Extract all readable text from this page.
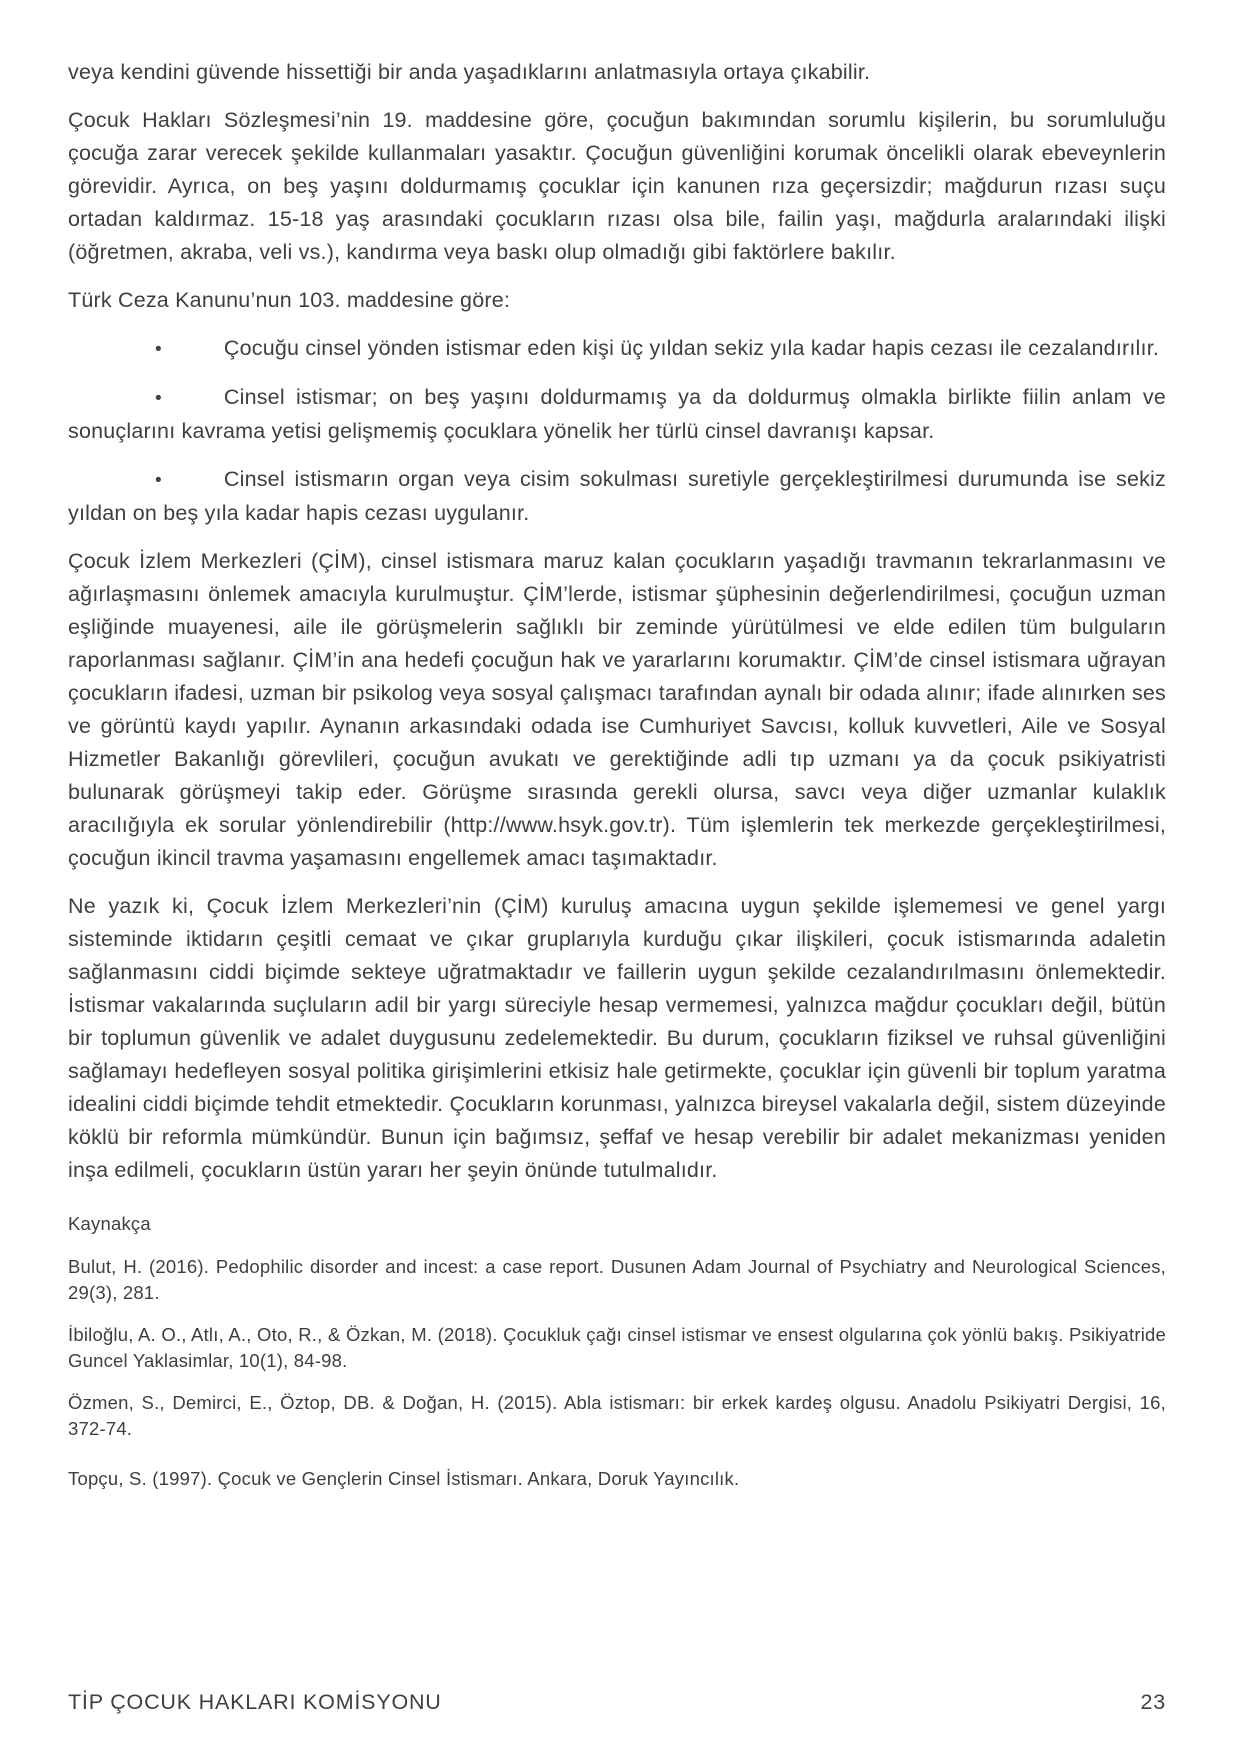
veya kendini güvende hissettiği bir anda yaşadıklarını anlatmasıyla ortaya çıkabilir.

Çocuk Hakları Sözleşmesi’nin 19. maddesine göre, çocuğun bakımından sorumlu kişilerin, bu sorumluluğu çocuğa zarar verecek şekilde kullanmaları yasaktır. Çocuğun güvenliğini korumak öncelikli olarak ebeveynlerin görevidir. Ayrıca, on beş yaşını doldurmamış çocuklar için kanunen rıza geçersizdir; mağdurun rızası suçu ortadan kaldırmaz. 15-18 yaş arasındaki çocukların rızası olsa bile, failin yaşı, mağdurla aralarındaki ilişki (öğretmen, akraba, veli vs.), kandırma veya baskı olup olmadığı gibi faktörlere bakılır.

Türk Ceza Kanunu’nun 103. maddesine göre:

•	Çocuğu cinsel yönden istismar eden kişi üç yıldan sekiz yıla kadar hapis cezası ile cezalandırılır.

•	Cinsel istismar; on beş yaşını doldurmamış ya da doldurmuş olmakla birlikte fiilin anlam ve sonuçlarını kavrama yetisi gelişmemiş çocuklara yönelik her türlü cinsel davranışı kapsar.

•	Cinsel istismarın organ veya cisim sokulması suretiyle gerçekleştirilmesi durumunda ise sekiz yıldan on beş yıla kadar hapis cezası uygulanır.

Çocuk İzlem Merkezleri (ÇİM), cinsel istismara maruz kalan çocukların yaşadığı travmanın tekrarlanmasını ve ağırlaşmasını önlemek amacıyla kurulmuştur. ÇİM’lerde, istismar şüphesinin değerlendirilmesi, çocuğun uzman eşliğinde muayenesi, aile ile görüşmelerin sağlıklı bir zeminde yürütülmesi ve elde edilen tüm bulguların raporlanması sağlanır. ÇİM’in ana hedefi çocuğun hak ve yararlarını korumaktır. ÇİM’de cinsel istismara uğrayan çocukların ifadesi, uzman bir psikolog veya sosyal çalışmacı tarafından aynalı bir odada alınır; ifade alınırken ses ve görüntü kaydı yapılır. Aynanın arkasındaki odada ise Cumhuriyet Savcısı, kolluk kuvvetleri, Aile ve Sosyal Hizmetler Bakanlığı görevlileri, çocuğun avukatı ve gerektiğinde adli tıp uzmanı ya da çocuk psikiyatristi bulunarak görüşmeyi takip eder. Görüşme sırasında gerekli olursa, savcı veya diğer uzmanlar kulaklık aracılığıyla ek sorular yönlendirebilir (http://www.hsyk.gov.tr). Tüm işlemlerin tek merkezde gerçekleştirilmesi, çocuğun ikincil travma yaşamasını engellemek amacı taşımaktadır.

Ne yazık ki, Çocuk İzlem Merkezleri’nin (ÇİM) kuruluş amacına uygun şekilde işlememesi ve genel yargı sisteminde iktidarın çeşitli cemaat ve çıkar gruplarıyla kurduğu çıkar ilişkileri, çocuk istismarında adaletin sağlanmasını ciddi biçimde sekteye uğratmaktadır ve faillerin uygun şekilde cezalandırılmasını önlemektedir. İstismar vakalarında suçluların adil bir yargı süreciyle hesap vermemesi, yalnızca mağdur çocukları değil, bütün bir toplumun güvenlik ve adalet duygusunu zedelemektedir. Bu durum, çocukların fiziksel ve ruhsal güvenliğini sağlamayı hedefleyen sosyal politika girişimlerini etkisiz hale getirmekte, çocuklar için güvenli bir toplum yaratma idealini ciddi biçimde tehdit etmektedir. Çocukların korunması, yalnızca bireysel vakalarla değil, sistem düzeyinde köklü bir reformla mümkündür. Bunun için bağımsız, şeffaf ve hesap verebilir bir adalet mekanizması yeniden inşa edilmeli, çocukların üstün yararı her şeyin önünde tutulmalıdır.

Kaynakça

Bulut, H. (2016). Pedophilic disorder and incest: a case report. Dusunen Adam Journal of Psychiatry and Neurological Sciences, 29(3), 281.

İbiloğlu, A. O., Atlı, A., Oto, R., & Özkan, M. (2018). Çocukluk çağı cinsel istismar ve ensest olgularına çok yönlü bakış. Psikiyatride Guncel Yaklasimlar, 10(1), 84-98.

Özmen, S., Demirci, E., Öztop, DB. & Doğan, H. (2015). Abla istismarı: bir erkek kardeş olgusu. Anadolu Psikiyatri Dergisi, 16, 372-74.

Topçu, S. (1997). Çocuk ve Gençlerin Cinsel İstismarı. Ankara, Doruk Yayıncılık.

TİP ÇOCUK HAKLARI KOMİSYONU	23
